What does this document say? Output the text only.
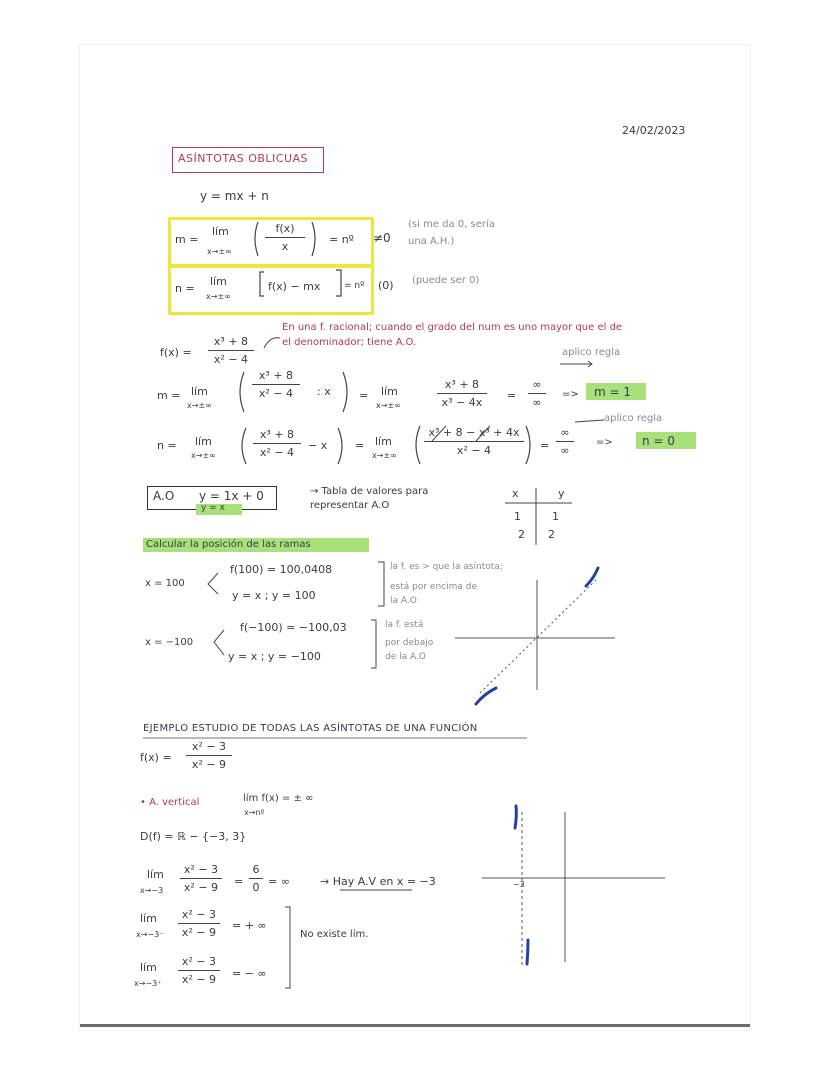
24/02/2023
ASÍNTOTAS OBLICUAS
y = mx + n
m =
lím
x→±∞
f(x)
x
= nº ≠0
(si me da 0, sería
una A.H.)
n =
lím
x→±∞
f(x) − mx	= nº (0) (puede ser 0)
En una f. racional; cuando el grado del num es uno mayor que el de
el denominador; tiene A.O.
f(x) =
x³ + 8
x² − 4
aplico regla
m = lím
x→±∞
x³ + 8
x² − 4 : x	= lím
x→±∞
x³ + 8
x³ − 4x
=
∞
∞
=> m = 1
aplico regla
n = lím
x→±∞
x³ + 8
x² − 4
− x	= lím
x→±∞
x³ + 8 − x³ + 4x
x² − 4	=
∞
∞
=> n = 0
A.O y = 1x + 0
y = x
→ Tabla de valores para
representar A.O
x	y
1	1
2 2
Calcular la posición de las ramas
x = 100
f(100) = 100,0408
y = x ; y = 100
la f. es > que la asíntota;
está por encima de
la A.O
x = −100
f(−100) = −100,03
y = x ; y = −100
la f. está
por debajo
de la A.O
EJEMPLO ESTUDIO DE TODAS LAS ASÍNTOTAS DE UNA FUNCIÓN
f(x) =
x² − 3
x² − 9
• A. vertical	lím f(x) = ± ∞
x→nº
D(f) = ℝ − {−3, 3}
lím
x→−3
x² − 3
x² − 9 =
6
0 = ∞	→ Hay A.V en x = −3
lím
x→−3⁻
x² − 3
x² − 9
= + ∞
No existe lím.
lím
x→−3⁺
x² − 3
x² − 9 = − ∞
−3
